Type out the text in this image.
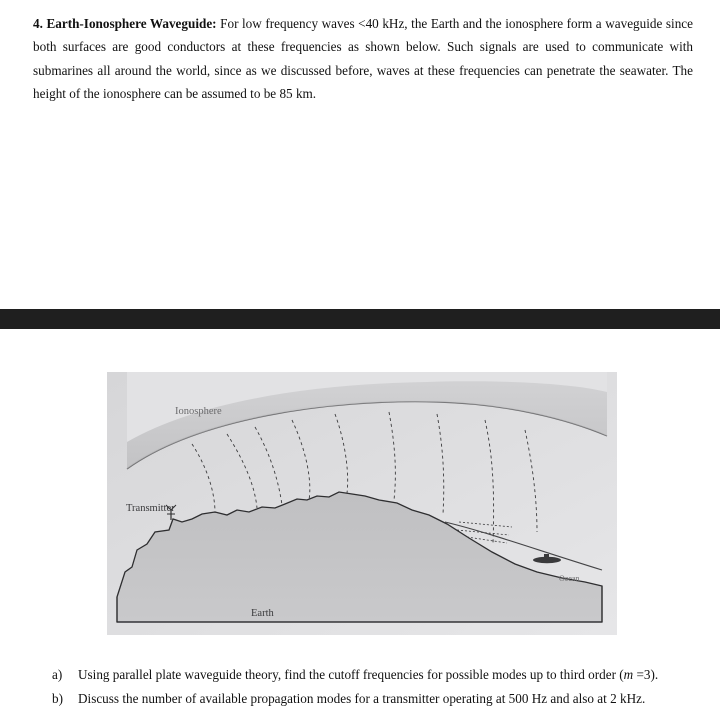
4. Earth-Ionosphere Waveguide: For low frequency waves <40 kHz, the Earth and the ionosphere form a waveguide since both surfaces are good conductors at these frequencies as shown below. Such signals are used to communicate with submarines all around the world, since as we discussed before, waves at these frequencies can penetrate the seawater. The height of the ionosphere can be assumed to be 85 km.
Ionosphere
Transmitter
Earth
Ocean
a)	Using parallel plate waveguide theory, find the cutoff frequencies for possible modes up to third order (m =3).
b)	Discuss the number of available propagation modes for a transmitter operating at 500 Hz and also at 2 kHz.
